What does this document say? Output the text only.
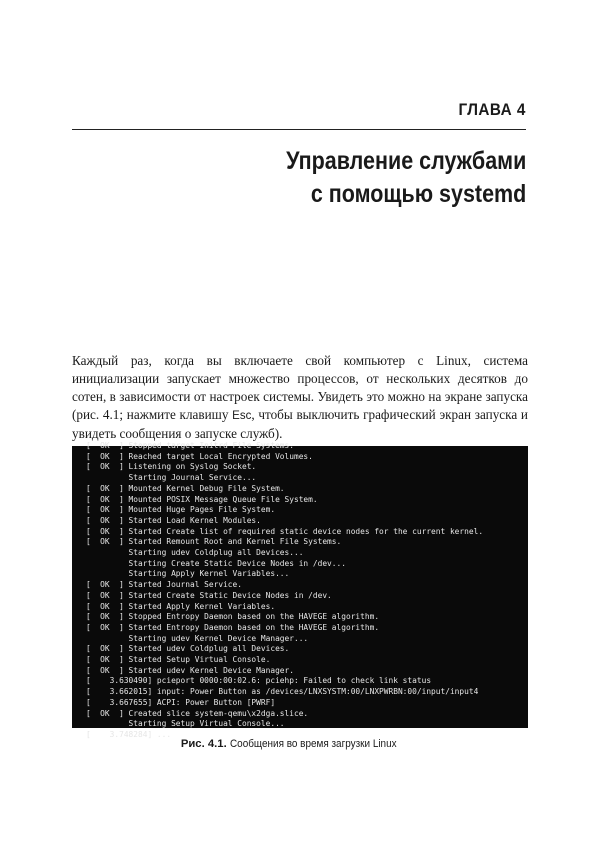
ГЛАВА 4
Управление службами
с помощью systemd

Каждый раз, когда вы включаете свой компьютер с Linux, система инициализации запускает множество процессов, от нескольких десятков до сотен, в зависимости от настроек системы. Увидеть это можно на экране запуска (рис. 4.1; нажмите клавишу Esc, чтобы выключить графический экран запуска и увидеть сообщения о запуске служб).

[  OK  ] Stopped target Initrd File Systems.
[  OK  ] Reached target Local Encrypted Volumes.
[  OK  ] Listening on Syslog Socket.
Starting Journal Service...
[  OK  ] Mounted Kernel Debug File System.
[  OK  ] Mounted POSIX Message Queue File System.
[  OK  ] Mounted Huge Pages File System.
[  OK  ] Started Load Kernel Modules.
[  OK  ] Started Create list of required static device nodes for the current kernel.
[  OK  ] Started Remount Root and Kernel File Systems.
Starting udev Coldplug all Devices...
Starting Create Static Device Nodes in /dev...
Starting Apply Kernel Variables...
[  OK  ] Started Journal Service.
[  OK  ] Started Create Static Device Nodes in /dev.
[  OK  ] Started Apply Kernel Variables.
[  OK  ] Stopped Entropy Daemon based on the HAVEGE algorithm.
[  OK  ] Started Entropy Daemon based on the HAVEGE algorithm.
Starting udev Kernel Device Manager...
[  OK  ] Started udev Coldplug all Devices.
[  OK  ] Started Setup Virtual Console.
[  OK  ] Started udev Kernel Device Manager.
[    3.630490] pcieport 0000:00:02.6: pciehp: Failed to check link status
[    3.662015] input: Power Button as /devices/LNXSYSTM:00/LNXPWRBN:00/input/input4
[    3.667655] ACPI: Power Button [PWRF]
[  OK  ] Created slice system-qemu\x2dga.slice.
Starting Setup Virtual Console...
[    3.748284] ...
Рис. 4.1. Сообщения во время загрузки Linux
